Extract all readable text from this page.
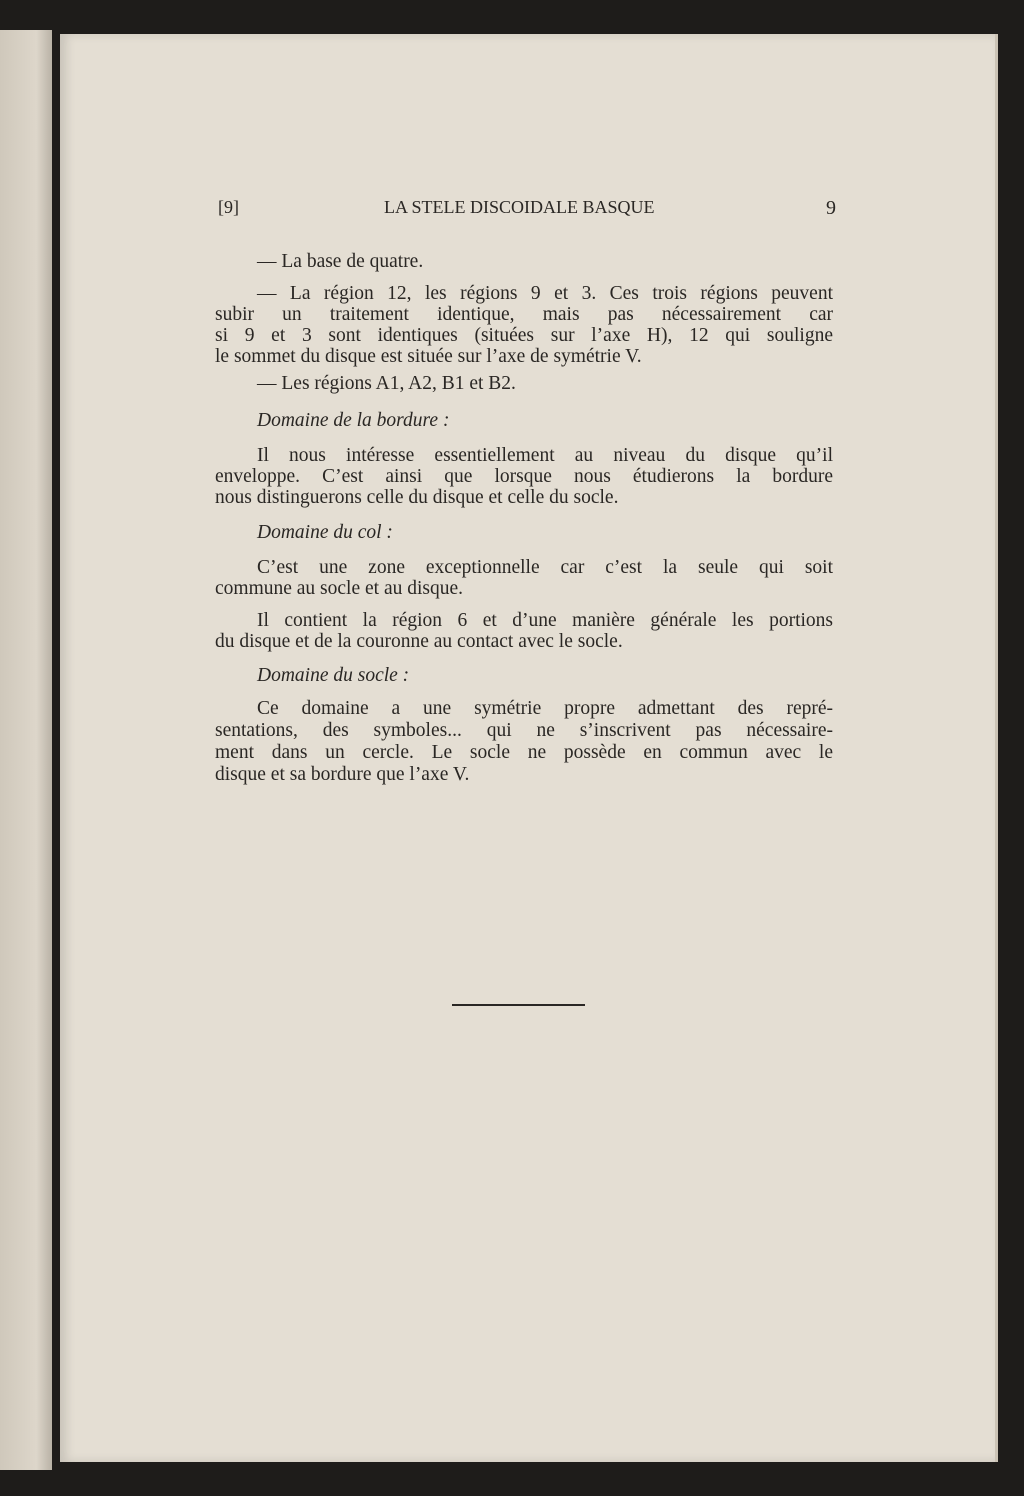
[9]	LA STELE DISCOIDALE BASQUE	9
— La base de quatre.
— La région 12, les régions 9 et 3. Ces trois régions peuvent
subir un traitement identique, mais pas nécessairement car
si 9 et 3 sont identiques (situées sur l’axe H), 12 qui souligne
le sommet du disque est située sur l’axe de symétrie V.
— Les régions A1, A2, B1 et B2.
Domaine de la bordure :
Il nous intéresse essentiellement au niveau du disque qu’il
enveloppe. C’est ainsi que lorsque nous étudierons la bordure
nous distinguerons celle du disque et celle du socle.
Domaine du col :
C’est une zone exceptionnelle car c’est la seule qui soit
commune au socle et au disque.
Il contient la région 6 et d’une manière générale les portions
du disque et de la couronne au contact avec le socle.
Domaine du socle :
Ce domaine a une symétrie propre admettant des repré-
sentations, des symboles... qui ne s’inscrivent pas nécessaire-
ment dans un cercle. Le socle ne possède en commun avec le
disque et sa bordure que l’axe V.
